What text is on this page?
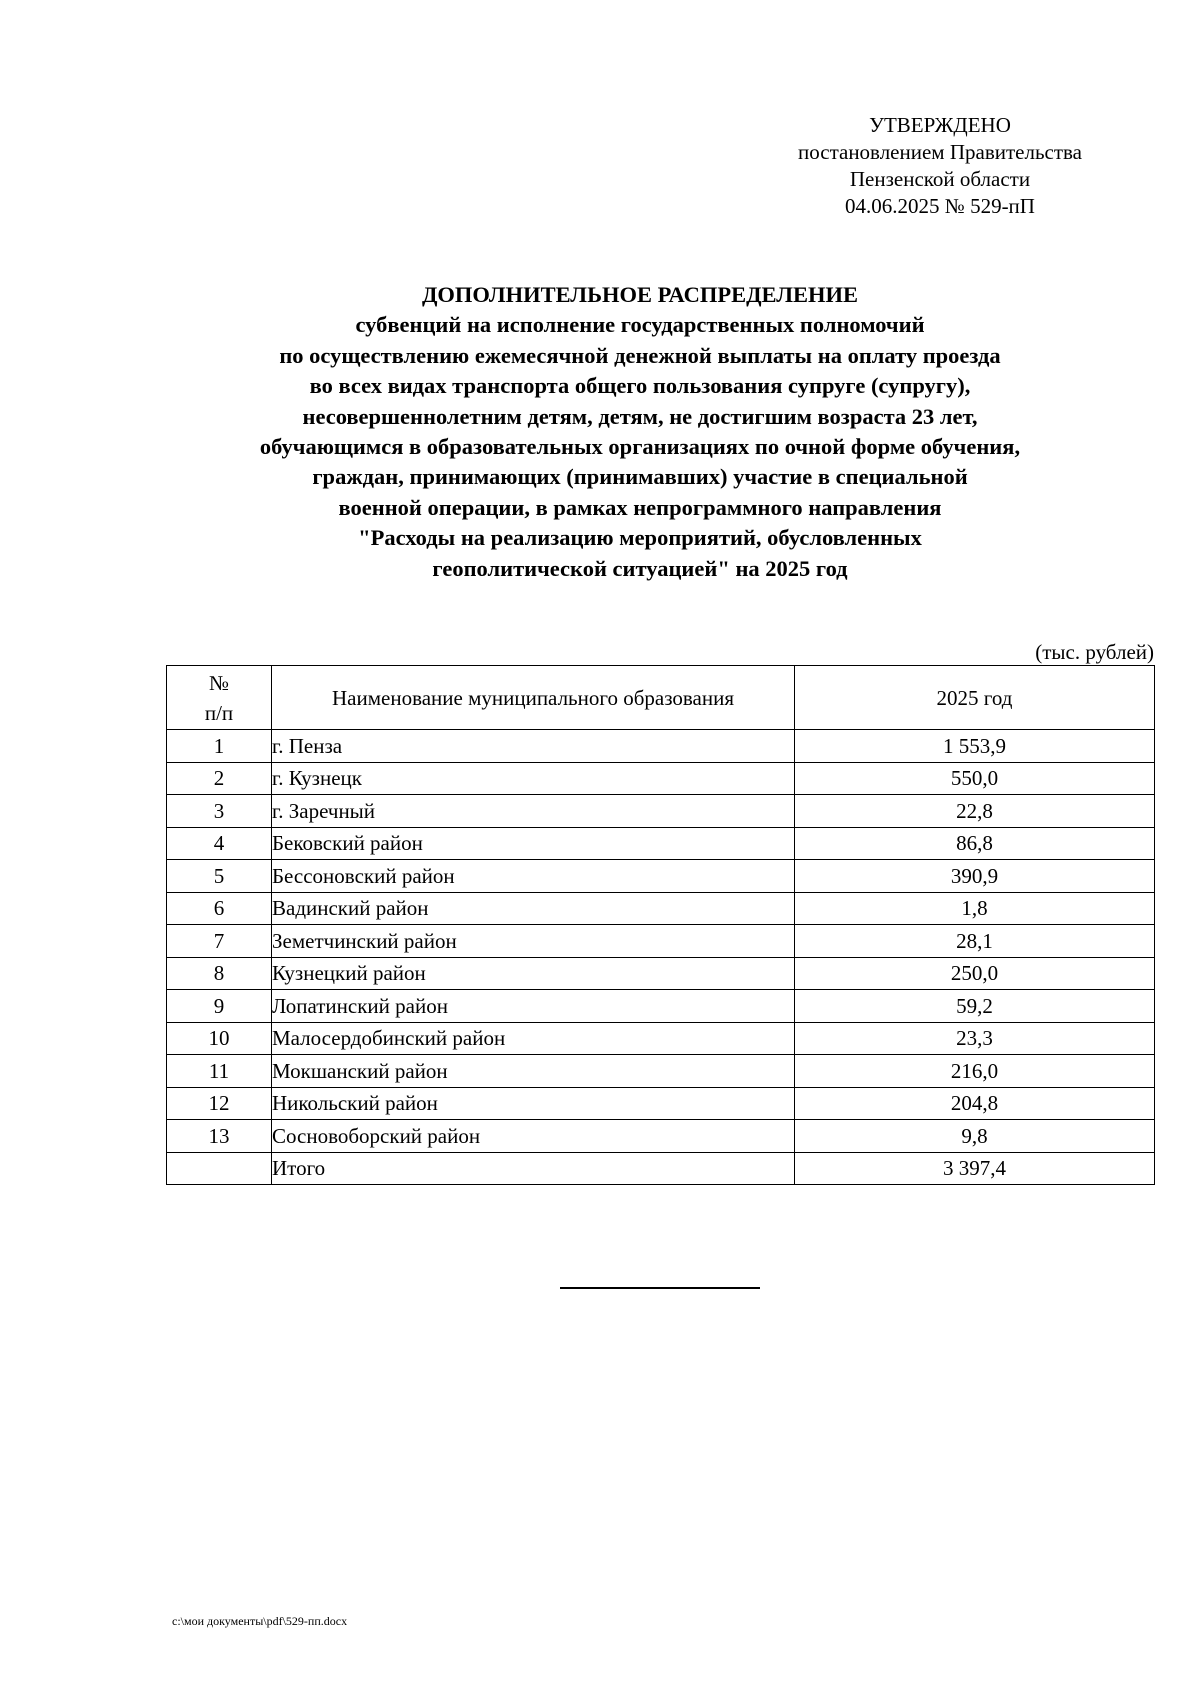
УТВЕРЖДЕНО
постановлением Правительства
Пензенской области
04.06.2025 № 529-пП
ДОПОЛНИТЕЛЬНОЕ РАСПРЕДЕЛЕНИЕ
субвенций на исполнение государственных полномочий
по осуществлению ежемесячной денежной выплаты на оплату проезда
во всех видах транспорта общего пользования супруге (супругу),
несовершеннолетним детям, детям, не достигшим возраста 23 лет,
обучающимся в образовательных организациях по очной форме обучения,
граждан, принимающих (принимавших) участие в специальной
военной операции, в рамках непрограммного направления
"Расходы на реализацию мероприятий, обусловленных
геополитической ситуацией" на 2025 год
(тыс. рублей)
№
п/п	Наименование муниципального образования	2025 год
1	г. Пенза	1 553,9
2	г. Кузнецк	550,0
3	г. Заречный	22,8
4	Бековский район	86,8
5	Бессоновский район	390,9
6	Вадинский район	1,8
7	Земетчинский район	28,1
8	Кузнецкий район	250,0
9	Лопатинский район	59,2
10	Малосердобинский район	23,3
11	Мокшанский район	216,0
12	Никольский район	204,8
13	Сосновоборский район	9,8
	Итого	3 397,4
c:\мои документы\pdf\529-пп.docx
